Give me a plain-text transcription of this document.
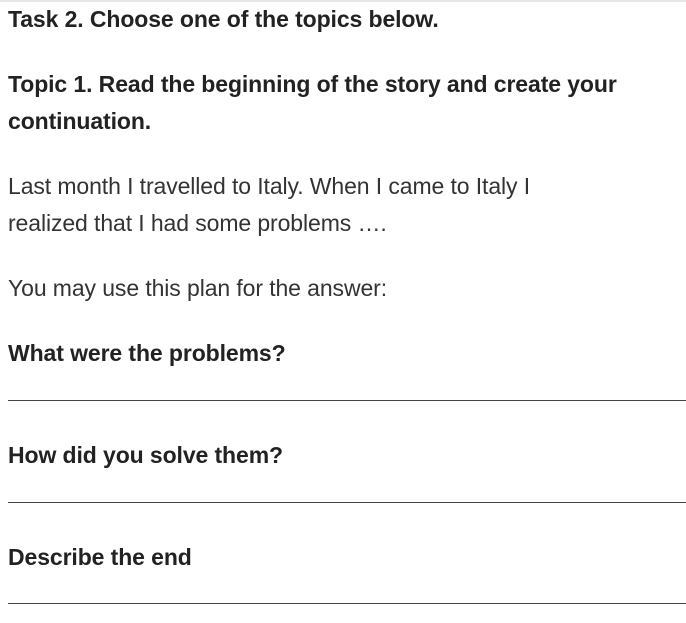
Task 2. Choose one of the topics below.
Topic 1. Read the beginning of the story and create your
continuation.
Last month I travelled to Italy. When I came to Italy I
realized that I had some problems ….
You may use this plan for the answer:
What were the problems?
How did you solve them?
Describe the end
